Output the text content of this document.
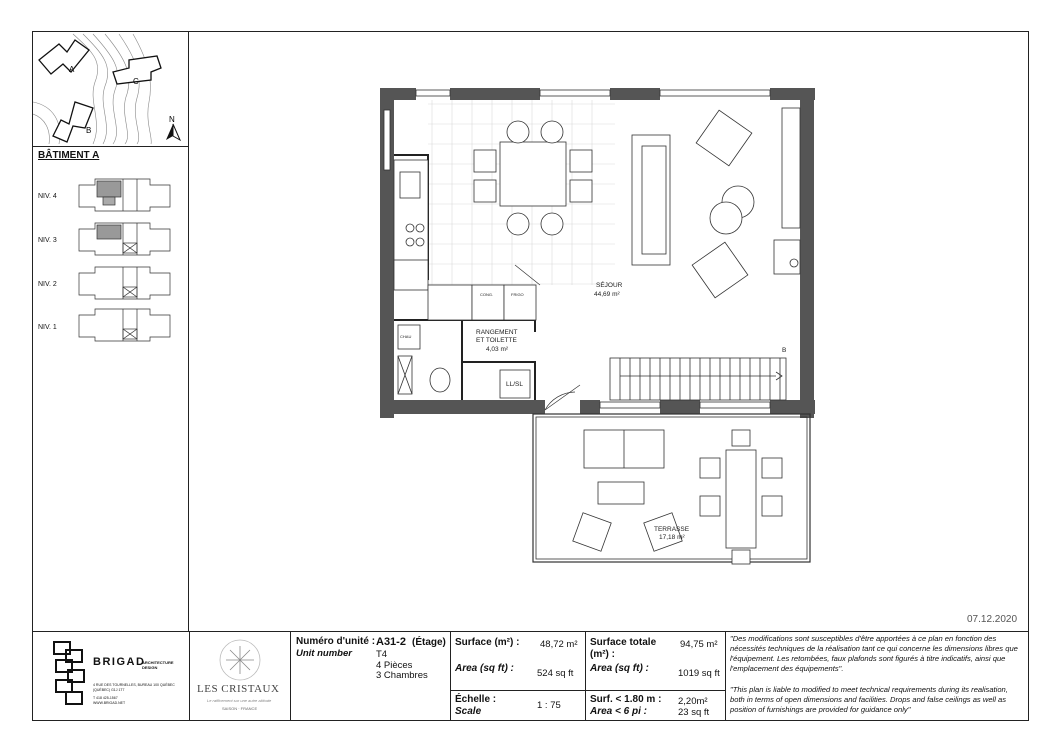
A
C
B
N
BÂTIMENT A
NIV. 4
NIV. 3
NIV. 2
NIV. 1
CONG.	FRIGO
CHAU
LL/SL
B
SÉJOUR
44,69 m²
RANGEMENT
ET TOILETTE
4,03 m²
TERRASSE
17,18 m²
07.12.2020
BRIGAD
ARCHITECTURE DESIGN
4 RUE DES TOURNELLES, BUREAU 100 QUÉBEC (QUÉBEC) G1J 1T7
T 418 425-1567
WWW.BRIGAD.NET
LES CRISTAUX
Le raffinement sur une autre altitude
SAISON · FRANCE
Numéro d'unité :
Unit number
A31-2 (Étage)
T4
4 Pièces
3 Chambres
Surface (m²) : 48,72 m²
Area (sq ft) : 524 sq ft
Échelle :
Scale
1 : 75
Surface totale
(m²) :
94,75 m²
Area (sq ft) :	1019 sq ft
Surf. < 1.80 m :
Area < 6 pi :
2,20m²
23 sq ft
"Des modifications sont susceptibles d'être apportées à ce plan en fonction des nécessités techniques de la réalisation tant ce qui concerne les dimensions libres que l'équipement. Les retombées, faux plafonds sont figurés à titre indicatifs, ainsi que l'emplacement des équipements".
"This plan is liable to modified to meet technical requirements during its realisation, both in terms of open dimensions and facilities. Drops and false ceilings as well as position of furnishings are provided for guidance only"
